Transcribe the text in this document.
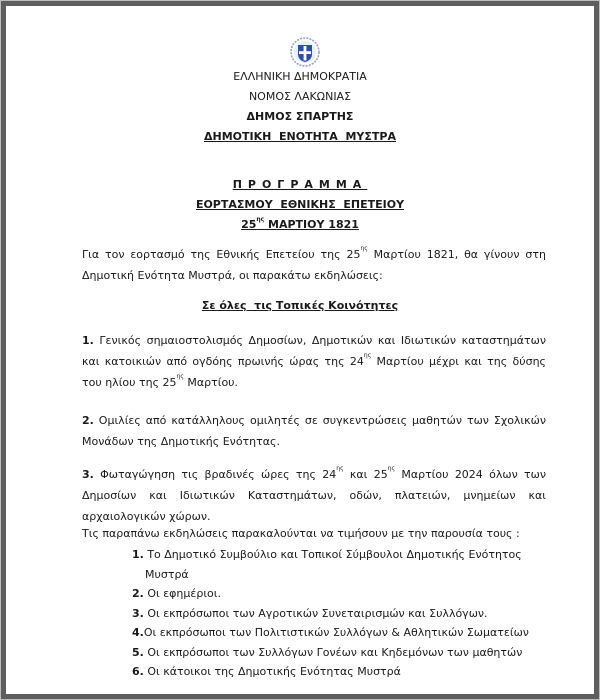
ΕΛΛΗΝΙΚΗ ΔΗΜΟΚΡΑΤΙΑ
ΝΟΜΟΣ ΛΑΚΩΝΙΑΣ
ΔΗΜΟΣ ΣΠΑΡΤΗΣ
ΔΗΜΟΤΙΚΗ  ΕΝΟΤΗΤΑ  ΜΥΣΤΡΑ
ΠΡΟΓΡΑΜΜΑ
ΕΟΡΤΑΣΜΟΥ  ΕΘΝΙΚΗΣ  ΕΠΕΤΕΙΟΥ
$25^{\eta\varsigma}$ ΜΑΡΤΙΟΥ 1821
Για τον εορτασμό της Εθνικής Επετείου της $25^{\eta\varsigma}$ Μαρτίου 1821, θα γίνουν στη Δημοτική Ενότητα Μυστρά, οι παρακάτω εκδηλώσεις:
Σε όλες  τις Τοπικές Κοινότητες
1. Γενικός σημαιοστολισμός Δημοσίων, Δημοτικών και Ιδιωτικών καταστημάτων και κατοικιών από ογδόης πρωινής ώρας της $24^{\eta\varsigma}$ Μαρτίου μέχρι και της δύσης του ηλίου της $25^{\eta\varsigma}$ Μαρτίου.
2. Ομιλίες από κατάλληλους ομιλητές σε συγκεντρώσεις μαθητών των Σχολικών Μονάδων της Δημοτικής Ενότητας.
3. Φωταγώγηση τις βραδινές ώρες της $24^{\eta\varsigma}$ και $25^{\eta\varsigma}$ Μαρτίου 2024 όλων των Δημοσίων και Ιδιωτικών Καταστημάτων, οδών, πλατειών, μνημείων και αρχαιολογικών χώρων.
Τις παραπάνω εκδηλώσεις παρακαλούνται να τιμήσουν με την παρουσία τους :
1. Το Δημοτικό Συμβούλιο και Τοπικοί Σύμβουλοι Δημοτικής Ενότητος
Μυστρά
2. Οι εφημέριοι.
3. Οι εκπρόσωποι των Αγροτικών Συνεταιρισμών και Συλλόγων.
4.Οι εκπρόσωποι των Πολιτιστικών Συλλόγων & Αθλητικών Σωματείων
5. Οι εκπρόσωποι των Συλλόγων Γονέων και Κηδεμόνων των μαθητών
6. Οι κάτοικοι της Δημοτικής Ενότητας Μυστρά
